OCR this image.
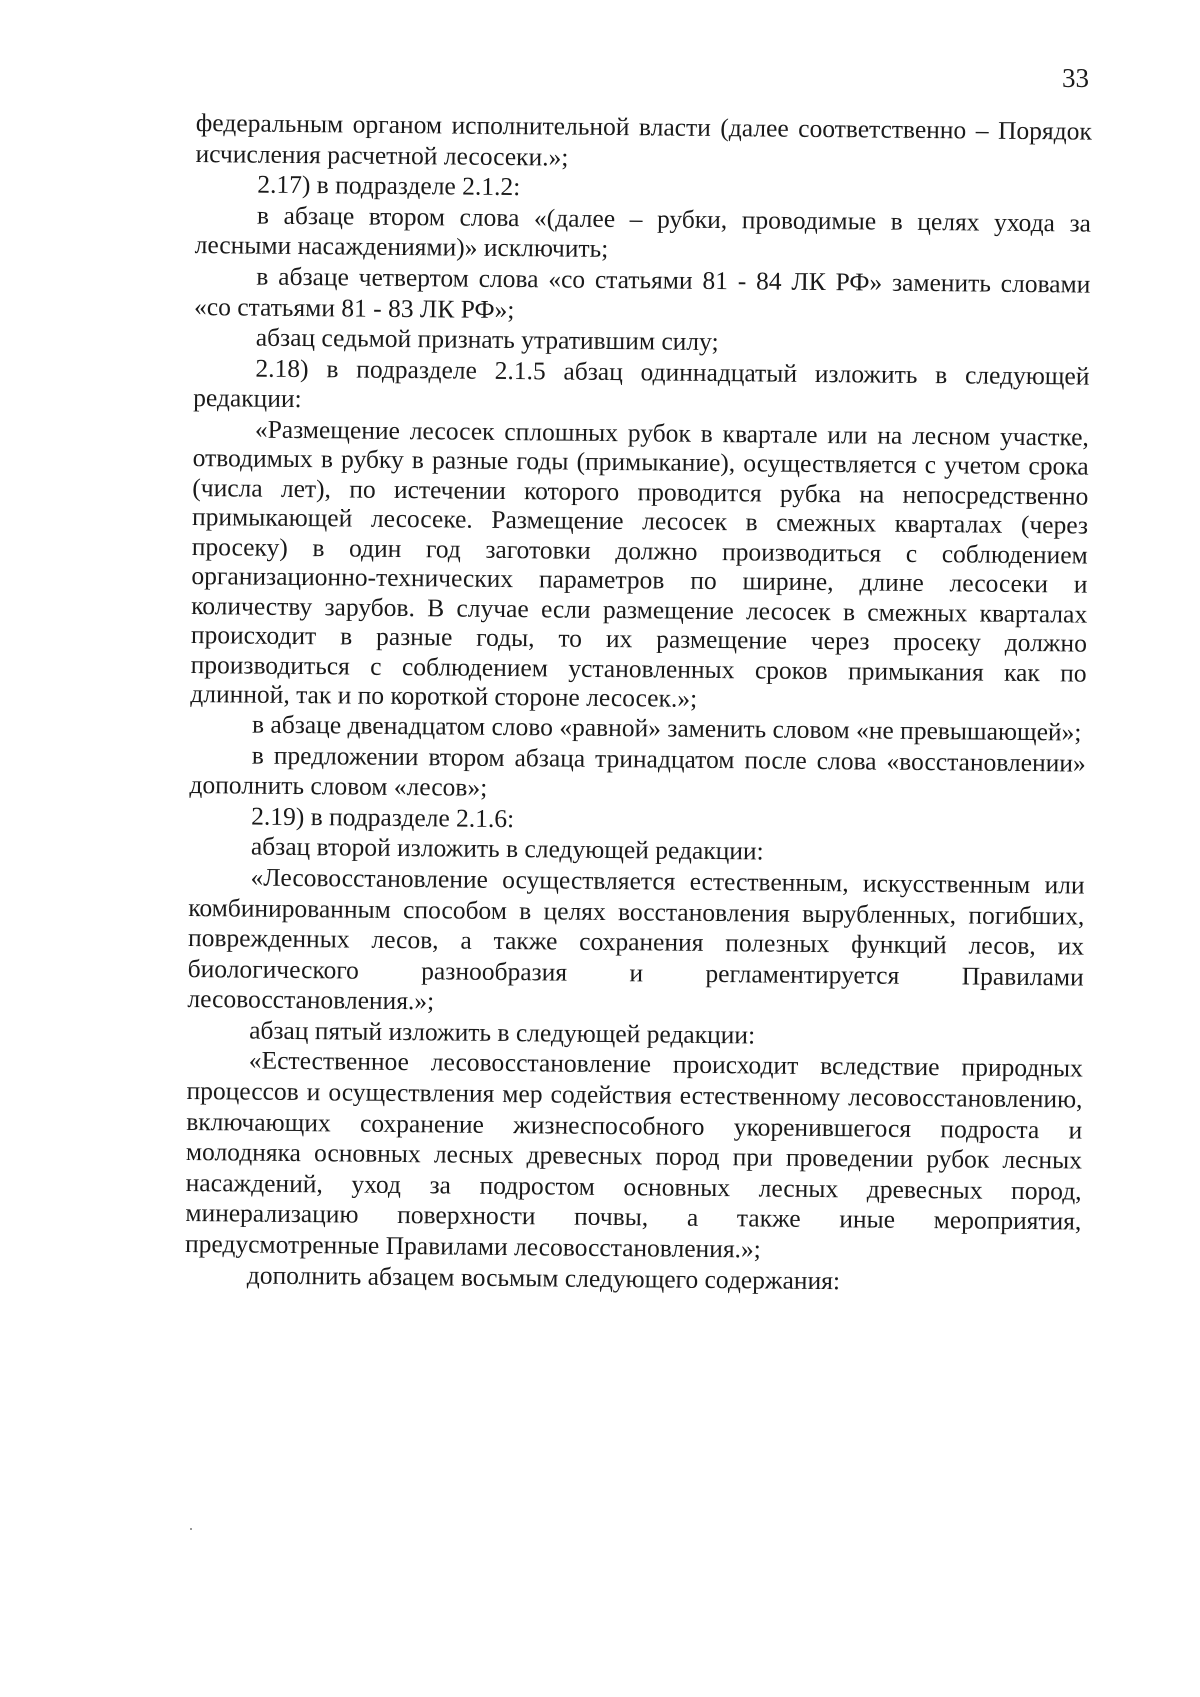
33

федеральным органом исполнительной власти (далее соответственно – Порядок исчисления расчетной лесосеки.»;

2.17) в подразделе 2.1.2:

в абзаце втором слова «(далее – рубки, проводимые в целях ухода за лесными насаждениями)» исключить;

в абзаце четвертом слова «со статьями 81 - 84 ЛК РФ» заменить словами «со статьями 81 - 83 ЛК РФ»;

абзац седьмой признать утратившим силу;

2.18) в подразделе 2.1.5 абзац одиннадцатый изложить в следующей редакции:

«Размещение лесосек сплошных рубок в квартале или на лесном участке, отводимых в рубку в разные годы (примыкание), осуществляется с учетом срока (числа лет), по истечении которого проводится рубка на непосредственно примыкающей лесосеке. Размещение лесосек в смежных кварталах (через просеку) в один год заготовки должно производиться с соблюдением организационно-технических параметров по ширине, длине лесосеки и количеству зарубов. В случае если размещение лесосек в смежных кварталах происходит в разные годы, то их размещение через просеку должно производиться с соблюдением установленных сроков примыкания как по длинной, так и по короткой стороне лесосек.»;

в абзаце двенадцатом слово «равной» заменить словом «не превышающей»;

в предложении втором абзаца тринадцатом после слова «восстановлении» дополнить словом «лесов»;

2.19) в подразделе 2.1.6:

абзац второй изложить в следующей редакции:

«Лесовосстановление осуществляется естественным, искусственным или комбинированным способом в целях восстановления вырубленных, погибших, поврежденных лесов, а также сохранения полезных функций лесов, их биологического разнообразия и регламентируется Правилами лесовосстановления.»;

абзац пятый изложить в следующей редакции:

«Естественное лесовосстановление происходит вследствие природных процессов и осуществления мер содействия естественному лесовосстановлению, включающих сохранение жизнеспособного укоренившегося подроста и молодняка основных лесных древесных пород при проведении рубок лесных насаждений, уход за подростом основных лесных древесных пород, минерализацию поверхности почвы, а также иные мероприятия, предусмотренные Правилами лесовосстановления.»;

дополнить абзацем восьмым следующего содержания:
